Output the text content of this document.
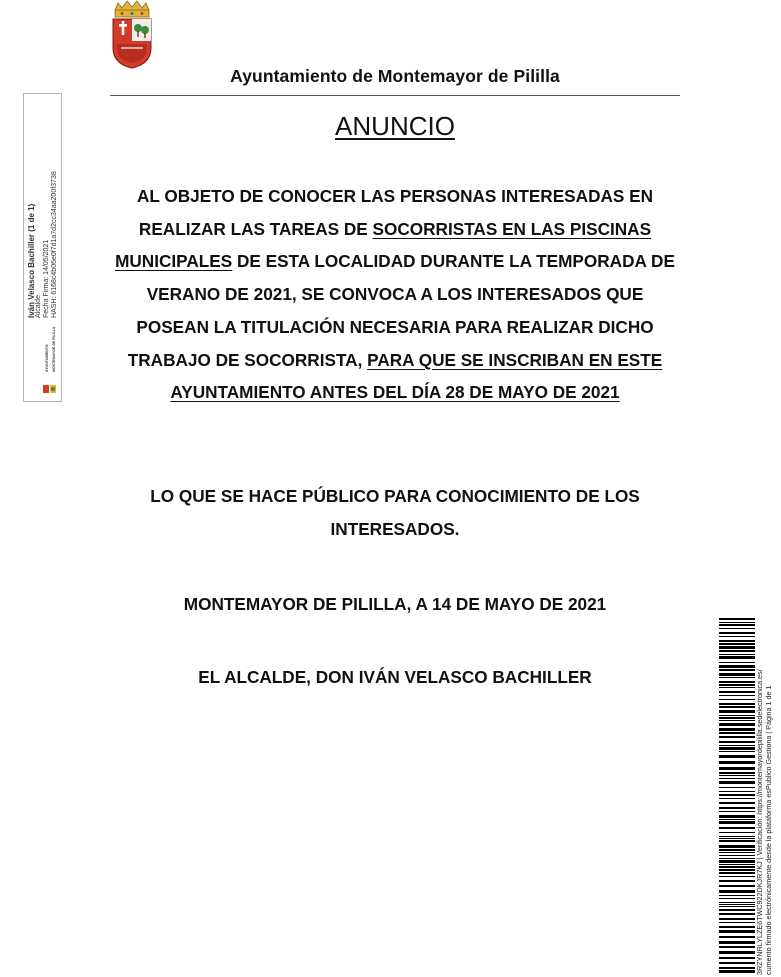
Ayuntamiento de Montemayor de Pililla
ANUNCIO
AL OBJETO DE CONOCER LAS PERSONAS INTERESADAS EN REALIZAR LAS TAREAS DE SOCORRISTAS EN LAS PISCINAS MUNICIPALES DE ESTA LOCALIDAD DURANTE LA TEMPORADA DE VERANO DE 2021, SE CONVOCA A LOS INTERESADOS QUE POSEAN LA TITULACIÓN NECESARIA PARA REALIZAR DICHO TRABAJO DE SOCORRISTA, PARA QUE SE INSCRIBAN EN ESTE AYUNTAMIENTO ANTES DEL DÍA 28 DE MAYO DE 2021
LO QUE SE HACE PÚBLICO PARA CONOCIMIENTO DE LOS INTERESADOS.
MONTEMAYOR DE PILILLA, A 14 DE MAYO DE 2021
EL ALCALDE, DON IVÁN VELASCO BACHILLER
Iván Velasco Bachiller (1 de 1) Alcalde Fecha Firma: 14/05/2021 HASH: 6168c4b06e0f7d1a7d2cc34aa200f3738
AYUNTAMIENTO MONTEMAYOR DE PILILLA
3RZYNRLYLZE6TWC922DKJR7KJ | Verificación: https://montemayordepililla.sedelectronica.es/ cumento firmado electrónicamente desde la plataforma esPublico Gestiona | Página 1 de 1
